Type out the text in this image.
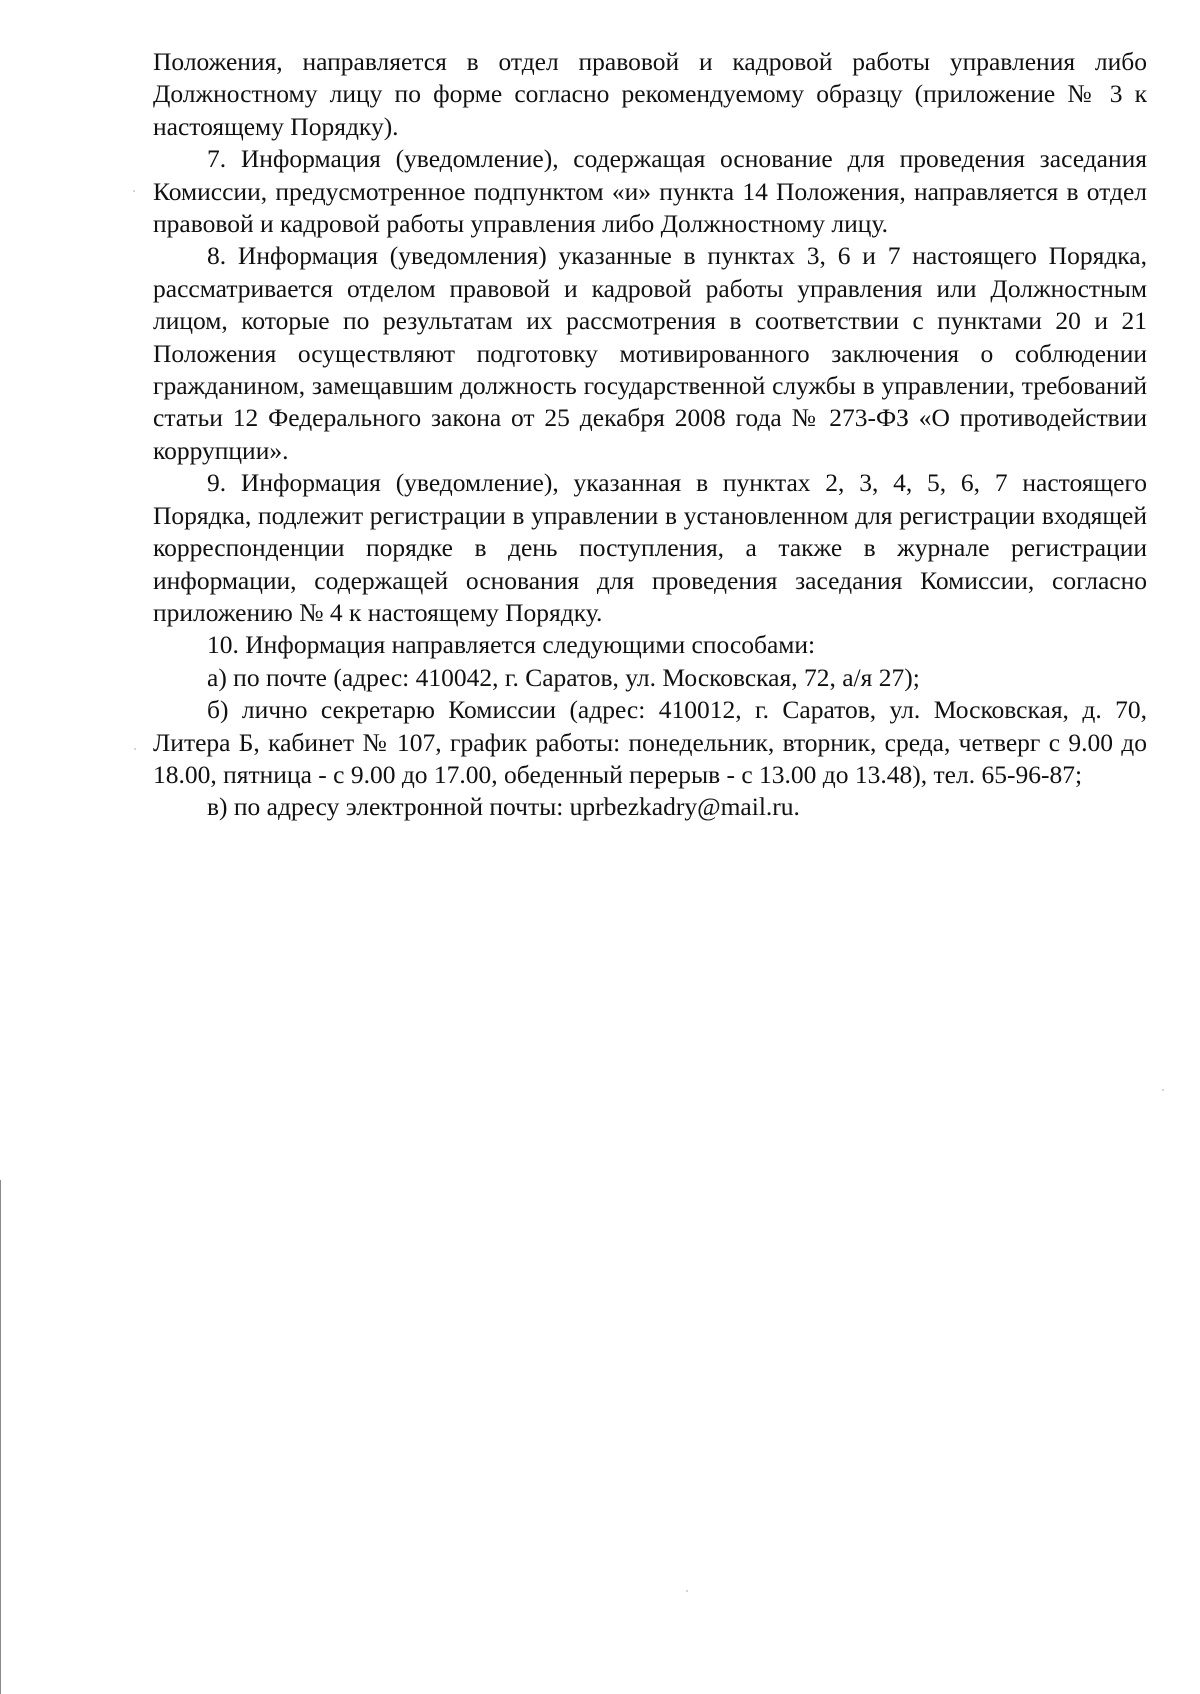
Положения, направляется в отдел правовой и кадровой работы управления либо Должностному лицу по форме согласно рекомендуемому образцу (приложение № 3 к настоящему Порядку).

7. Информация (уведомление), содержащая основание для проведения заседания Комиссии, предусмотренное подпунктом «и» пункта 14 Положения, направляется в отдел правовой и кадровой работы управления либо Должностному лицу.

8. Информация (уведомления) указанные в пунктах 3, 6 и 7 настоящего Порядка, рассматривается отделом правовой и кадровой работы управления или Должностным лицом, которые по результатам их рассмотрения в соответствии с пунктами 20 и 21 Положения осуществляют подготовку мотивированного заключения о соблюдении гражданином, замещавшим должность государственной службы в управлении, требований статьи 12 Федерального закона от 25 декабря 2008 года № 273-ФЗ «О противодействии коррупции».

9. Информация (уведомление), указанная в пунктах 2, 3, 4, 5, 6, 7 настоящего Порядка, подлежит регистрации в управлении в установленном для регистрации входящей корреспонденции порядке в день поступления, а также в журнале регистрации информации, содержащей основания для проведения заседания Комиссии, согласно приложению № 4 к настоящему Порядку.

10. Информация направляется следующими способами:

а) по почте (адрес: 410042, г. Саратов, ул. Московская, 72, а/я 27);

б) лично секретарю Комиссии (адрес: 410012, г. Саратов, ул. Московская, д. 70, Литера Б, кабинет № 107, график работы: понедельник, вторник, среда, четверг с 9.00 до 18.00, пятница - с 9.00 до 17.00, обеденный перерыв - с 13.00 до 13.48), тел. 65-96-87;

в) по адресу электронной почты: uprbezkadry@mail.ru.
